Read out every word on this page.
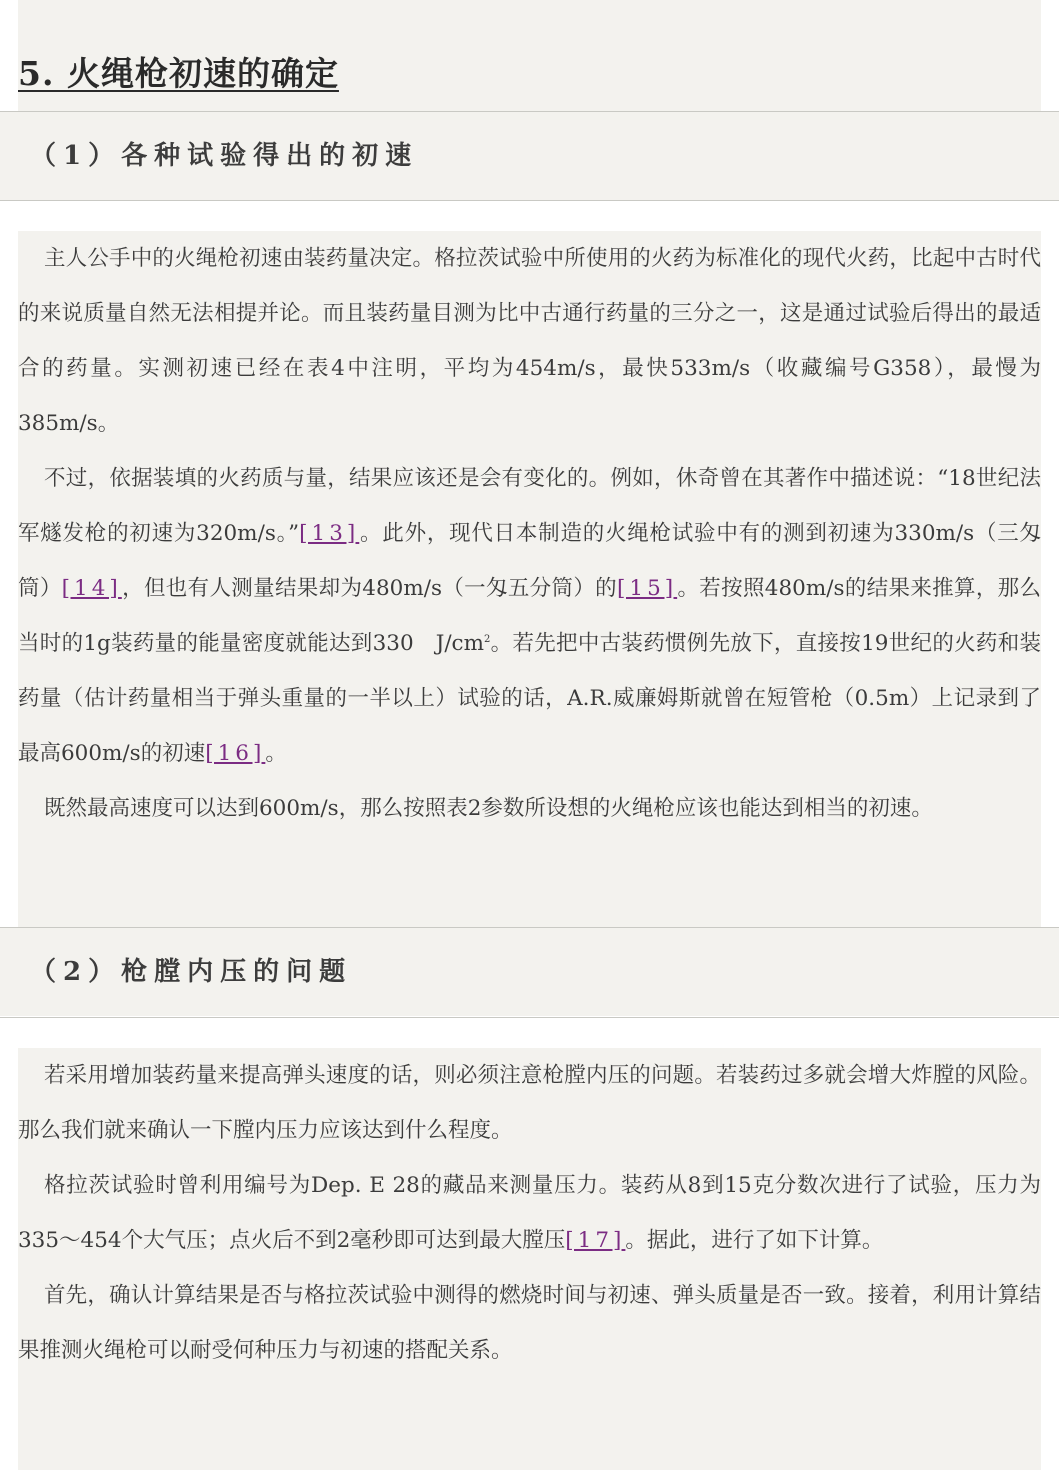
5. 火绳枪初速的确定
（1）各种试验得出的初速

主人公手中的火绳枪初速由装药量决定。格拉茨试验中所使用的火药为标准化的现代火药，比起中古时代的来说质量自然无法相提并论。而且装药量目测为比中古通行药量的三分之一，这是通过试验后得出的最适合的药量。实测初速已经在表4中注明，平均为454m/s，最快533m/s（收藏编号G358），最慢为385m/s。

不过，依据装填的火药质与量，结果应该还是会有变化的。例如，休奇曾在其著作中描述说：“18世纪法军燧发枪的初速为320m/s。”[13]。此外，现代日本制造的火绳枪试验中有的测到初速为330m/s（三匁筒）[14]，但也有人测量结果却为480m/s（一匁五分筒）的[15]。若按照480m/s的结果来推算，那么当时的1g装药量的能量密度就能达到330　$J/cm^2$。若先把中古装药惯例先放下，直接按19世纪的火药和装药量（估计药量相当于弹头重量的一半以上）试验的话，A.R.威廉姆斯就曾在短管枪（0.5m）上记录到了最高600m/s的初速[16]。

既然最高速度可以达到600m/s，那么按照表2参数所设想的火绳枪应该也能达到相当的初速。

（2）枪膛内压的问题

若采用增加装药量来提高弹头速度的话，则必须注意枪膛内压的问题。若装药过多就会增大炸膛的风险。那么我们就来确认一下膛内压力应该达到什么程度。

格拉茨试验时曾利用编号为Dep. E 28的藏品来测量压力。装药从8到15克分数次进行了试验，压力为335～454个大气压；点火后不到2毫秒即可达到最大膛压[17]。据此，进行了如下计算。

首先，确认计算结果是否与格拉茨试验中测得的燃烧时间与初速、弹头质量是否一致。接着，利用计算结果推测火绳枪可以耐受何种压力与初速的搭配关系。
